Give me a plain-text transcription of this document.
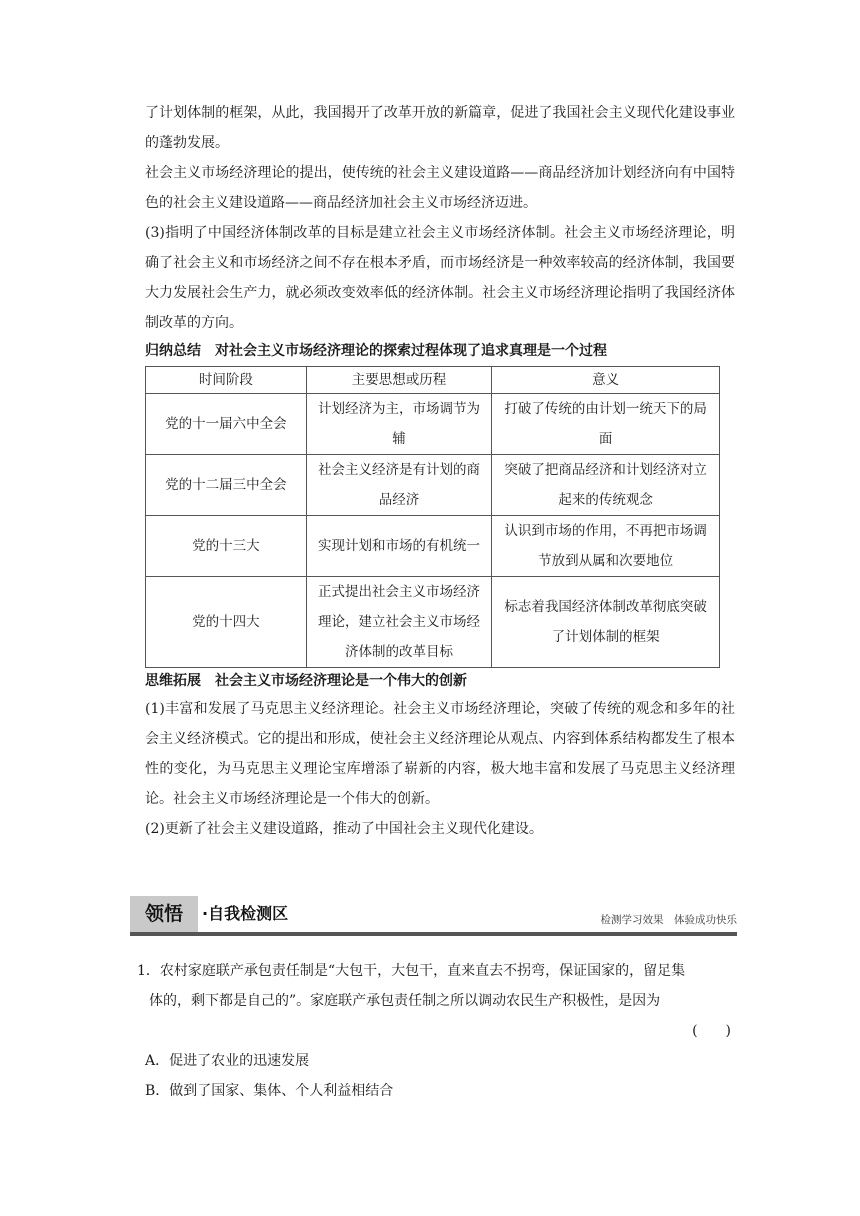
了计划体制的框架，从此，我国揭开了改革开放的新篇章，促进了我国社会主义现代化建设事业的蓬勃发展。

社会主义市场经济理论的提出，使传统的社会主义建设道路——商品经济加计划经济向有中国特色的社会主义建设道路——商品经济加社会主义市场经济迈进。

(3)指明了中国经济体制改革的目标是建立社会主义市场经济体制。社会主义市场经济理论，明确了社会主义和市场经济之间不存在根本矛盾，而市场经济是一种效率较高的经济体制，我国要大力发展社会生产力，就必须改变效率低的经济体制。社会主义市场经济理论指明了我国经济体制改革的方向。

归纳总结 对社会主义市场经济理论的探索过程体现了追求真理是一个过程

时间阶段	主要思想或历程	意义
党的十一届六中全会	计划经济为主，市场调节为辅	打破了传统的由计划一统天下的局面
党的十二届三中全会	社会主义经济是有计划的商品经济	突破了把商品经济和计划经济对立起来的传统观念
党的十三大	实现计划和市场的有机统一	认识到市场的作用，不再把市场调节放到从属和次要地位
党的十四大	正式提出社会主义市场经济理论，建立社会主义市场经济体制的改革目标	标志着我国经济体制改革彻底突破了计划体制的框架

思维拓展 社会主义市场经济理论是一个伟大的创新

(1)丰富和发展了马克思主义经济理论。社会主义市场经济理论，突破了传统的观念和多年的社会主义经济模式。它的提出和形成，使社会主义经济理论从观点、内容到体系结构都发生了根本性的变化，为马克思主义理论宝库增添了崭新的内容，极大地丰富和发展了马克思主义经济理论。社会主义市场经济理论是一个伟大的创新。

(2)更新了社会主义建设道路，推动了中国社会主义现代化建设。

领悟	·自我检测区	检测学习效果　体验成功快乐

1．农村家庭联产承包责任制是“大包干，大包干，直来直去不拐弯，保证国家的，留足集

体的，剩下都是自己的”。家庭联产承包责任制之所以调动农民生产积极性，是因为

(　　)

A．促进了农业的迅速发展

B．做到了国家、集体、个人利益相结合
